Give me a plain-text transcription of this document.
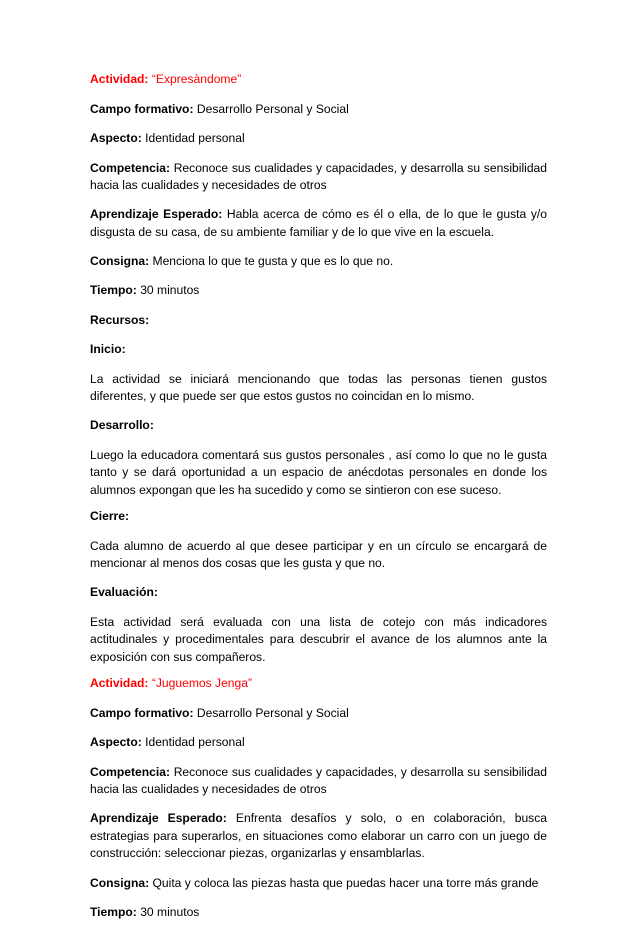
Actividad: “Expresàndome”

Campo formativo: Desarrollo Personal y Social

Aspecto: Identidad personal

Competencia: Reconoce sus cualidades y capacidades, y desarrolla su sensibilidad hacia las cualidades y necesidades de otros

Aprendizaje Esperado: Habla acerca de cómo es él o ella, de lo que le gusta y/o disgusta de su casa, de su ambiente familiar y de lo que vive en la escuela.

Consigna: Menciona lo que te gusta y que es lo que no.

Tiempo: 30 minutos

Recursos:

Inicio:

La actividad se iniciará mencionando que todas las personas tienen gustos diferentes, y que puede ser que estos gustos no coincidan en lo mismo.

Desarrollo:

Luego la educadora comentará sus gustos personales , así como lo que no le gusta tanto y se dará oportunidad a un espacio de anécdotas personales en donde los alumnos expongan que les ha sucedido y como se sintieron con ese suceso.

Cierre:

Cada alumno de acuerdo al que desee participar y en un círculo se encargará de mencionar al menos dos cosas que les gusta y que no.

Evaluación:

Esta actividad será evaluada con una lista de cotejo con más indicadores actitudinales y procedimentales para descubrir el avance de los alumnos ante la exposición con sus compañeros.

Actividad: “Juguemos Jenga”

Campo formativo: Desarrollo Personal y Social

Aspecto: Identidad personal

Competencia: Reconoce sus cualidades y capacidades, y desarrolla su sensibilidad hacia las cualidades y necesidades de otros

Aprendizaje Esperado: Enfrenta desafíos y solo, o en colaboración, busca estrategias para superarlos, en situaciones como elaborar un carro con un juego de construcción: seleccionar piezas, organizarlas y ensamblarlas.

Consigna: Quita y coloca las piezas hasta que puedas hacer una torre más grande

Tiempo: 30 minutos
